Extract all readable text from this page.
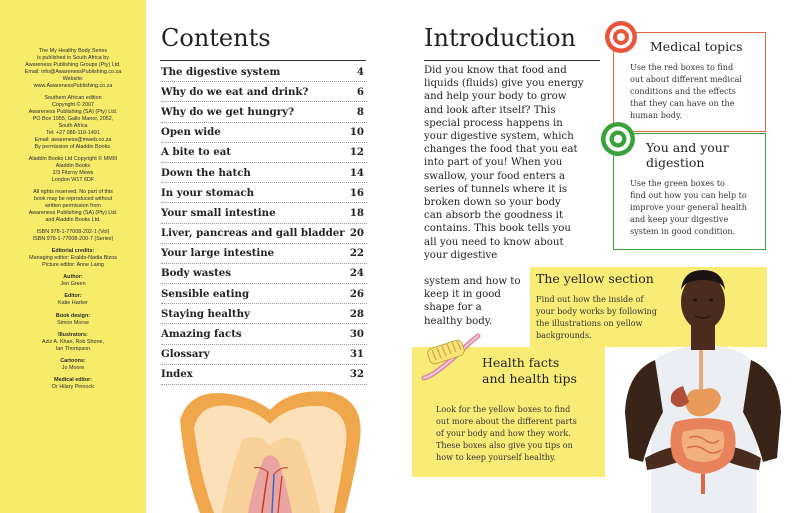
The My Healthy Body Series
is published in South Africa by
Awareness Publishing Groups (Pty) Ltd.
Email: info@AwarenessPublishing.co.za
Website:
www.AwarenessPublishing.co.za

Southern African edition
Copyright © 2007
Awareness Publishing (SA) (Pty) Ltd.
PO Box 1955, Gallo Manor, 2052,
South Africa
Tel: +27 086-110-1491
Email: awareness@mweb.co.za
By permission of Aladdin Books.

Aladdin Books Ltd Copyright © MMIII
Aladdin Books
2/3 Fitzroy Mews
London W1T 6DF

All rights reserved. No part of this
book may be reproduced without
written permission from
Awareness Publishing (SA) (Pty) Ltd.
and Aladdin Books Ltd.

ISBN 978-1-77008-202-1 (Vol)
ISBN 978-1-77008-200-7 (Series)

Editorial credits:
Managing editor: Eraldo-Nadia Bizos
Picture editor: Anne Laing

Author:
Jen Green

Editor:
Katie Harker

Book design:
Simon Morse

Illustrators:
Aziz A. Khan, Rob Shone,
Ian Thompson

Cartoons:
Jo Moore

Medical editor:
Dr Hilary Pinnock

Contents
The digestive system	4
Why do we eat and drink?	6
Why do we get hungry?	8
Open wide	10
A bite to eat	12
Down the hatch	14
In your stomach	16
Your small intestine	18
Liver, pancreas and gall bladder 20
Your large intestine	22
Body wastes	24
Sensible eating	26
Staying healthy	28
Amazing facts	30
Glossary	31
Index	32
Introduction

Did you know that food and
liquids (fluids) give you energy
and help your body to grow
and look after itself? This
special process happens in
your digestive system, which
changes the food that you eat
into part of you! When you
swallow, your food enters a
series of tunnels where it is
broken down so your body
can absorb the goodness it
contains. This book tells you
all you need to know about
your digestive

Medical topics
Use the red boxes to find
out about different medical
conditions and the effects
that they can have on the
human body.
You and your
digestion
Use the green boxes to
find out how you can help to
improve your general health
and keep your digestive
system in good condition.
The yellow section
Find out how the inside of
your body works by following
the illustrations on yellow
backgrounds.

system and how to
keep it in good
shape for a
healthy body.

Health facts
and health tips
Look for the yellow boxes to find
out more about the different parts
of your body and how they work.
These boxes also give you tips on
how to keep yourself healthy.
